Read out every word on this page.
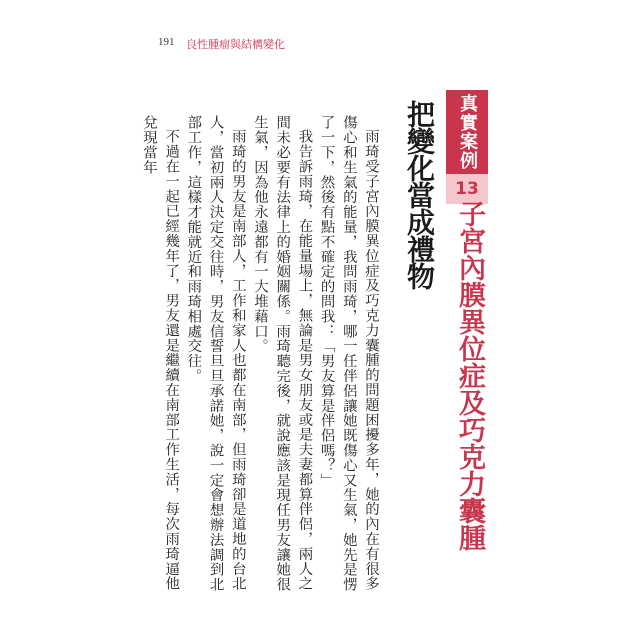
191 良性腫瘤與結構變化
真實案例
13
子宮內膜異位症及巧克力囊腫
把變化當成禮物

雨琦受子宮內膜異位症及巧克力囊腫的問題困擾多年，她的內在有很多傷心和生氣的能量，我問雨琦，哪一任伴侶讓她既傷心又生氣，她先是愣了一下，然後有點不確定的問我：「男友算是伴侶嗎？」

我告訴雨琦，在能量場上，無論是男女朋友或是夫妻都算伴侶，兩人之間未必要有法律上的婚姻關係。雨琦聽完後，就說應該是現任男友讓她很生氣，因為他永遠都有一大堆藉口。

雨琦的男友是南部人，工作和家人也都在南部，但雨琦卻是道地的台北人，當初兩人決定交往時，男友信誓旦旦承諾她，說一定會想辦法調到北部工作，這樣才能就近和雨琦相處交往。

不過在一起已經幾年了，男友還是繼續在南部工作生活，每次雨琦逼他兌現當年
